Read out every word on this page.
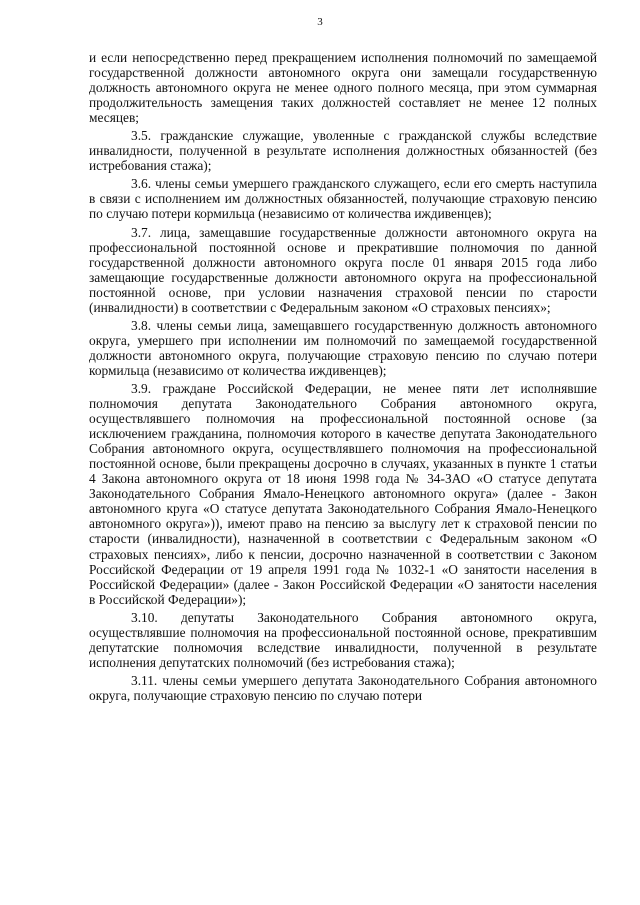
3

и если непосредственно перед прекращением исполнения полномочий по замещаемой государственной должности автономного округа они замещали государственную должность автономного округа не менее одного полного месяца, при этом суммарная продолжительность замещения таких должностей составляет не менее 12 полных месяцев;

3.5. гражданские служащие, уволенные с гражданской службы вследствие инвалидности, полученной в результате исполнения должностных обязанностей (без истребования стажа);

3.6. члены семьи умершего гражданского служащего, если его смерть наступила в связи с исполнением им должностных обязанностей, получающие страховую пенсию по случаю потери кормильца (независимо от количества иждивенцев);

3.7. лица, замещавшие государственные должности автономного округа на профессиональной постоянной основе и прекратившие полномочия по данной государственной должности автономного округа после 01 января 2015 года либо замещающие государственные должности автономного округа на профессиональной постоянной основе, при условии назначения страховой пенсии по старости (инвалидности) в соответствии с Федеральным законом «О страховых пенсиях»;

3.8. члены семьи лица, замещавшего государственную должность автономного округа, умершего при исполнении им полномочий по замещаемой государственной должности автономного округа, получающие страховую пенсию по случаю потери кормильца (независимо от количества иждивенцев);

3.9. граждане Российской Федерации, не менее пяти лет исполнявшие полномочия депутата Законодательного Собрания автономного округа, осуществлявшего полномочия на профессиональной постоянной основе (за исключением гражданина, полномочия которого в качестве депутата Законодательного Собрания автономного округа, осуществлявшего полномочия на профессиональной постоянной основе, были прекращены досрочно в случаях, указанных в пункте 1 статьи 4 Закона автономного округа от 18 июня 1998 года № 34-ЗАО «О статусе депутата Законодательного Собрания Ямало-Ненецкого автономного округа» (далее - Закон автономного круга «О статусе депутата Законодательного Собрания Ямало-Ненецкого автономного округа»)), имеют право на пенсию за выслугу лет к страховой пенсии по старости (инвалидности), назначенной в соответствии с Федеральным законом «О страховых пенсиях», либо к пенсии, досрочно назначенной в соответствии с Законом Российской Федерации от 19 апреля 1991 года № 1032-1 «О занятости населения в Российской Федерации» (далее - Закон Российской Федерации «О занятости населения в Российской Федерации»);

3.10. депутаты Законодательного Собрания автономного округа, осуществлявшие полномочия на профессиональной постоянной основе, прекратившим депутатские полномочия вследствие инвалидности, полученной в результате исполнения депутатских полномочий (без истребования стажа);

3.11. члены семьи умершего депутата Законодательного Собрания автономного округа, получающие страховую пенсию по случаю потери
